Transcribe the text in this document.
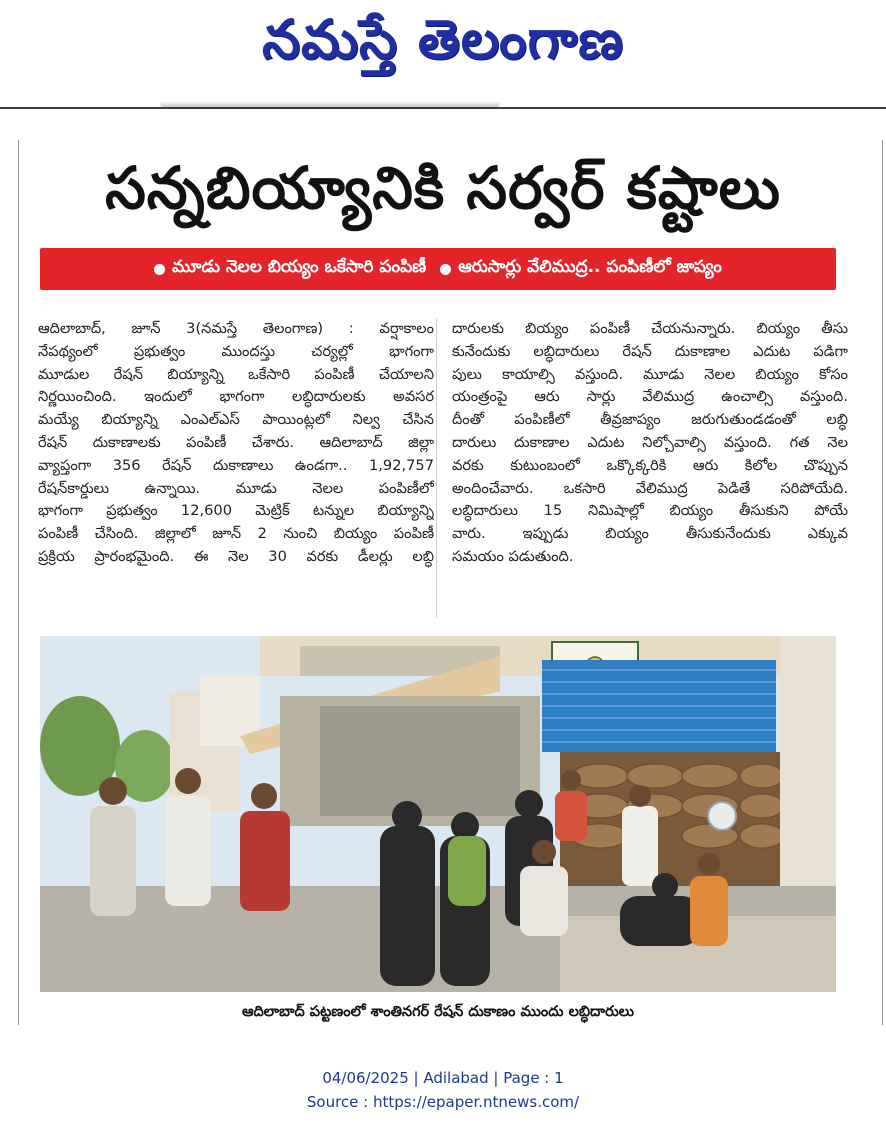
నమస్తే తెలంగాణ
సన్నబియ్యానికి సర్వర్ కష్టాలు
మూడు నెలల బియ్యం ఒకేసారి పంపిణీ ఆరుసార్లు వేలిముద్ర.. పంపిణీలో జాప్యం
ఆదిలాబాద్, జూన్ 3(నమస్తే తెలంగాణ) : వర్షాకాలం
నేపథ్యంలో ప్రభుత్వం ముందస్తు చర్యల్లో భాగంగా
మూడుల రేషన్ బియ్యాన్ని ఒకేసారి పంపిణీ చేయాలని
నిర్ణయించింది. ఇందులో భాగంగా లబ్ధిదారులకు అవసర
మయ్యే బియ్యాన్ని ఎంఎల్ఎస్ పాయింట్లలో నిల్వ చేసిన
రేషన్ దుకాణాలకు పంపిణీ చేశారు. ఆదిలాబాద్ జిల్లా
వ్యాప్తంగా 356 రేషన్ దుకాణాలు ఉండగా.. 1,92,757
రేషన్‌కార్డులు ఉన్నాయి. మూడు నెలల పంపిణీలో
భాగంగా ప్రభుత్వం 12,600 మెట్రిక్ టన్నుల బియ్యాన్ని
పంపిణీ చేసింది. జిల్లాలో జూన్ 2 నుంచి బియ్యం పంపిణీ
ప్రక్రియ ప్రారంభమైంది. ఈ నెల 30 వరకు డీలర్లు లబ్ధి
దారులకు బియ్యం పంపిణీ చేయనున్నారు. బియ్యం తీసు
కునేందుకు లబ్ధిదారులు రేషన్ దుకాణాల ఎదుట పడిగా
పులు కాయాల్సి వస్తుంది. మూడు నెలల బియ్యం కోసం
యంత్రంపై ఆరు సార్లు వేలిముద్ర ఉంచాల్సి వస్తుంది.
దీంతో పంపిణీలో తీవ్రజాప్యం జరుగుతుండడంతో లబ్ధి
దారులు దుకాణాల ఎదుట నిల్చోవాల్సి వస్తుంది. గత నెల
వరకు కుటుంబంలో ఒక్కొక్కరికి ఆరు కిలోల చొప్పున
అందించేవారు. ఒకసారి వేలిముద్ర పెడితే సరిపోయేది.
లబ్ధిదారులు 15 నిమిషాల్లో బియ్యం తీసుకుని పోయే
వారు. ఇప్పుడు బియ్యం తీసుకునేందుకు ఎక్కువ
సమయం పడుతుంది.
ఆదిలాబాద్ పట్టణంలో శాంతినగర్ రేషన్ దుకాణం ముందు లబ్ధిదారులు
04/06/2025 | Adilabad | Page : 1
Source : https://epaper.ntnews.com/
